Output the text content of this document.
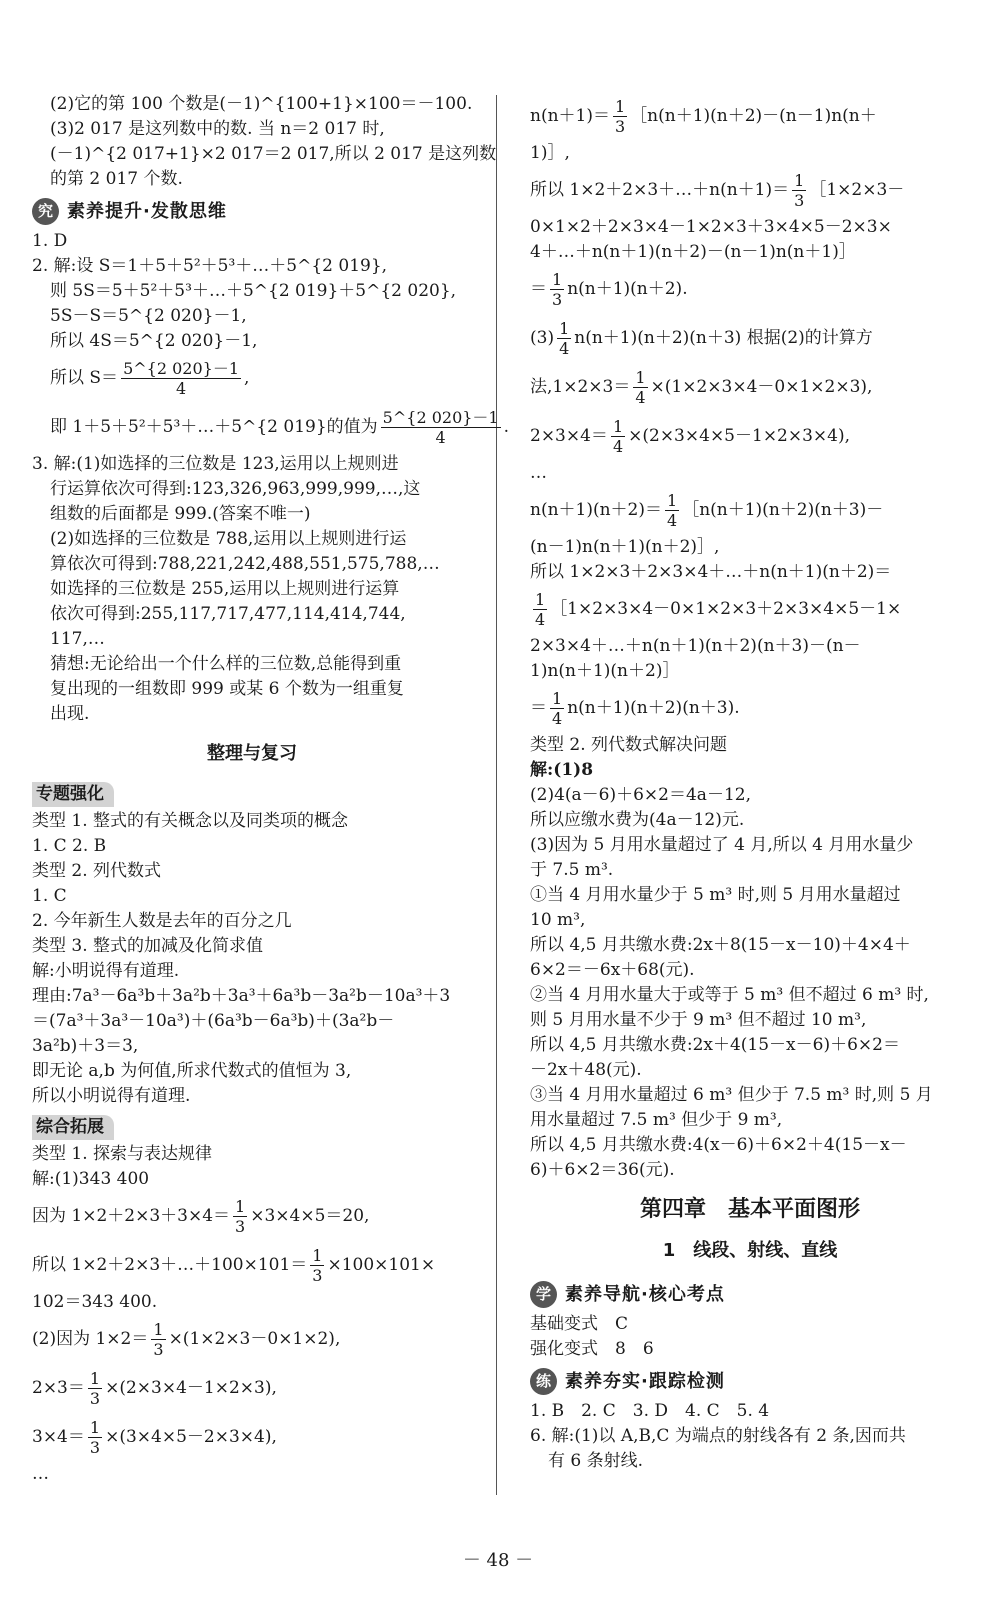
(2)它的第 100 个数是(－1)^{100+1}×100＝－100.

(3)2 017 是这列数中的数. 当 n＝2 017 时,

(－1)^{2 017+1}×2 017＝2 017,所以 2 017 是这列数

的第 2 017 个数.

究 素养提升·发散思维

1. D

2. 解:设 S＝1＋5＋5²＋5³＋…＋5^{2 019},

则 5S＝5＋5²＋5³＋…＋5^{2 019}＋5^{2 020},

5S－S＝5^{2 020}－1,

所以 4S＝5^{2 020}－1,

所以 $S= \frac{5\^{}\{2 020\}-1}{4}$ ,
即 1＋5＋5²＋5³＋…＋5^{2 019}的值为 $\frac{5\^{}\{2 020\}-1}{4}$ .

3. 解:(1)如选择的三位数是 123,运用以上规则进

行运算依次可得到:123,326,963,999,999,…,这

组数的后面都是 999.(答案不唯一)

(2)如选择的三位数是 788,运用以上规则进行运

算依次可得到:788,221,242,488,551,575,788,…

如选择的三位数是 255,运用以上规则进行运算

依次可得到:255,117,717,477,114,414,744,

117,…

猜想:无论给出一个什么样的三位数,总能得到重

复出现的一组数即 999 或某 6 个数为一组重复

出现.

整理与复习
专题强化

类型 1. 整式的有关概念以及同类项的概念

1. C 2. B

类型 2. 列代数式

1. C

2. 今年新生人数是去年的百分之几

类型 3. 整式的加减及化简求值

解:小明说得有道理.

理由:7a³－6a³b＋3a²b＋3a³＋6a³b－3a²b－10a³＋3

＝(7a³＋3a³－10a³)＋(6a³b－6a³b)＋(3a²b－

3a²b)＋3＝3,

即无论 a,b 为何值,所求代数式的值恒为 3,

所以小明说得有道理.

综合拓展

类型 1. 探索与表达规律

解:(1)343 400

因为 $1\times 2+2\times 3+3\times 4= \frac{1}{3} \times 3\times 4\times 5=20$,
所以 1×2＋2×3＋…＋100×101＝ $\frac{1}{3} \times 100\times 101\times$

102＝343 400.

(2)因为 $1\times 2= \frac{1}{3} \times(1\times 2\times 3-0\times 1\times 2)$,
$2\times 3= \frac{1}{3} \times(2\times 3\times 4-1\times 2\times 3)$,
$3\times 4= \frac{1}{3} \times(3\times 4\times 5-2\times 3\times 4)$,

…

$n(n+1)= \frac{1}{3}$ ［n(n＋1)(n＋2)－(n－1)n(n＋

1)］,

所以 1×2＋2×3＋…＋n(n＋1)＝ $\frac{1}{3}$ ［1×2×3－

0×1×2＋2×3×4－1×2×3＋3×4×5－2×3×

4＋…＋n(n＋1)(n＋2)－(n－1)n(n＋1)］

＝ $\frac{1}{3} n(n+1)(n+2)$.
$(3) \frac{1}{4} n(n+1)(n+2)(n+3)$ 根据(2)的计算方
法$,1\times 2\times 3= \frac{1}{4} \times(1\times 2\times 3\times 4-0\times 1\times 2\times 3)$,
$2\times 3\times 4= \frac{1}{4} \times(2\times 3\times 4\times 5-1\times 2\times 3\times 4)$,

…

$n(n+1)(n+2)= \frac{1}{4}$ ［n(n＋1)(n＋2)(n＋3)－

(n－1)n(n＋1)(n＋2)］,

所以 1×2×3＋2×3×4＋…＋n(n＋1)(n＋2)＝

$\frac{1}{4}$ ［1×2×3×4－0×1×2×3＋2×3×4×5－1×

2×3×4＋…＋n(n＋1)(n＋2)(n＋3)－(n－

1)n(n＋1)(n＋2)］

＝ $\frac{1}{4} n(n+1)(n+2)(n+3)$.

类型 2. 列代数式解决问题

解:(1)8

(2)4(a－6)＋6×2＝4a－12,

所以应缴水费为(4a－12)元.

(3)因为 5 月用水量超过了 4 月,所以 4 月用水量少

于 7.5 m³.

①当 4 月用水量少于 5 m³ 时,则 5 月用水量超过

10 m³,

所以 4,5 月共缴水费:2x＋8(15－x－10)＋4×4＋

6×2＝－6x＋68(元).

②当 4 月用水量大于或等于 5 m³ 但不超过 6 m³ 时,

则 5 月用水量不少于 9 m³ 但不超过 10 m³,

所以 4,5 月共缴水费:2x＋4(15－x－6)＋6×2＝

－2x＋48(元).

③当 4 月用水量超过 6 m³ 但少于 7.5 m³ 时,则 5 月

用水量超过 7.5 m³ 但少于 9 m³,

所以 4,5 月共缴水费:4(x－6)＋6×2＋4(15－x－

6)＋6×2＝36(元).

第四章　基本平面图形
1　线段、射线、直线
学 素养导航·核心考点

基础变式　C

强化变式　8　6

练 素养夯实·跟踪检测

1. B　2. C　3. D　4. C　5. 4

6. 解:(1)以 A,B,C 为端点的射线各有 2 条,因而共

有 6 条射线.

－ 48 －
